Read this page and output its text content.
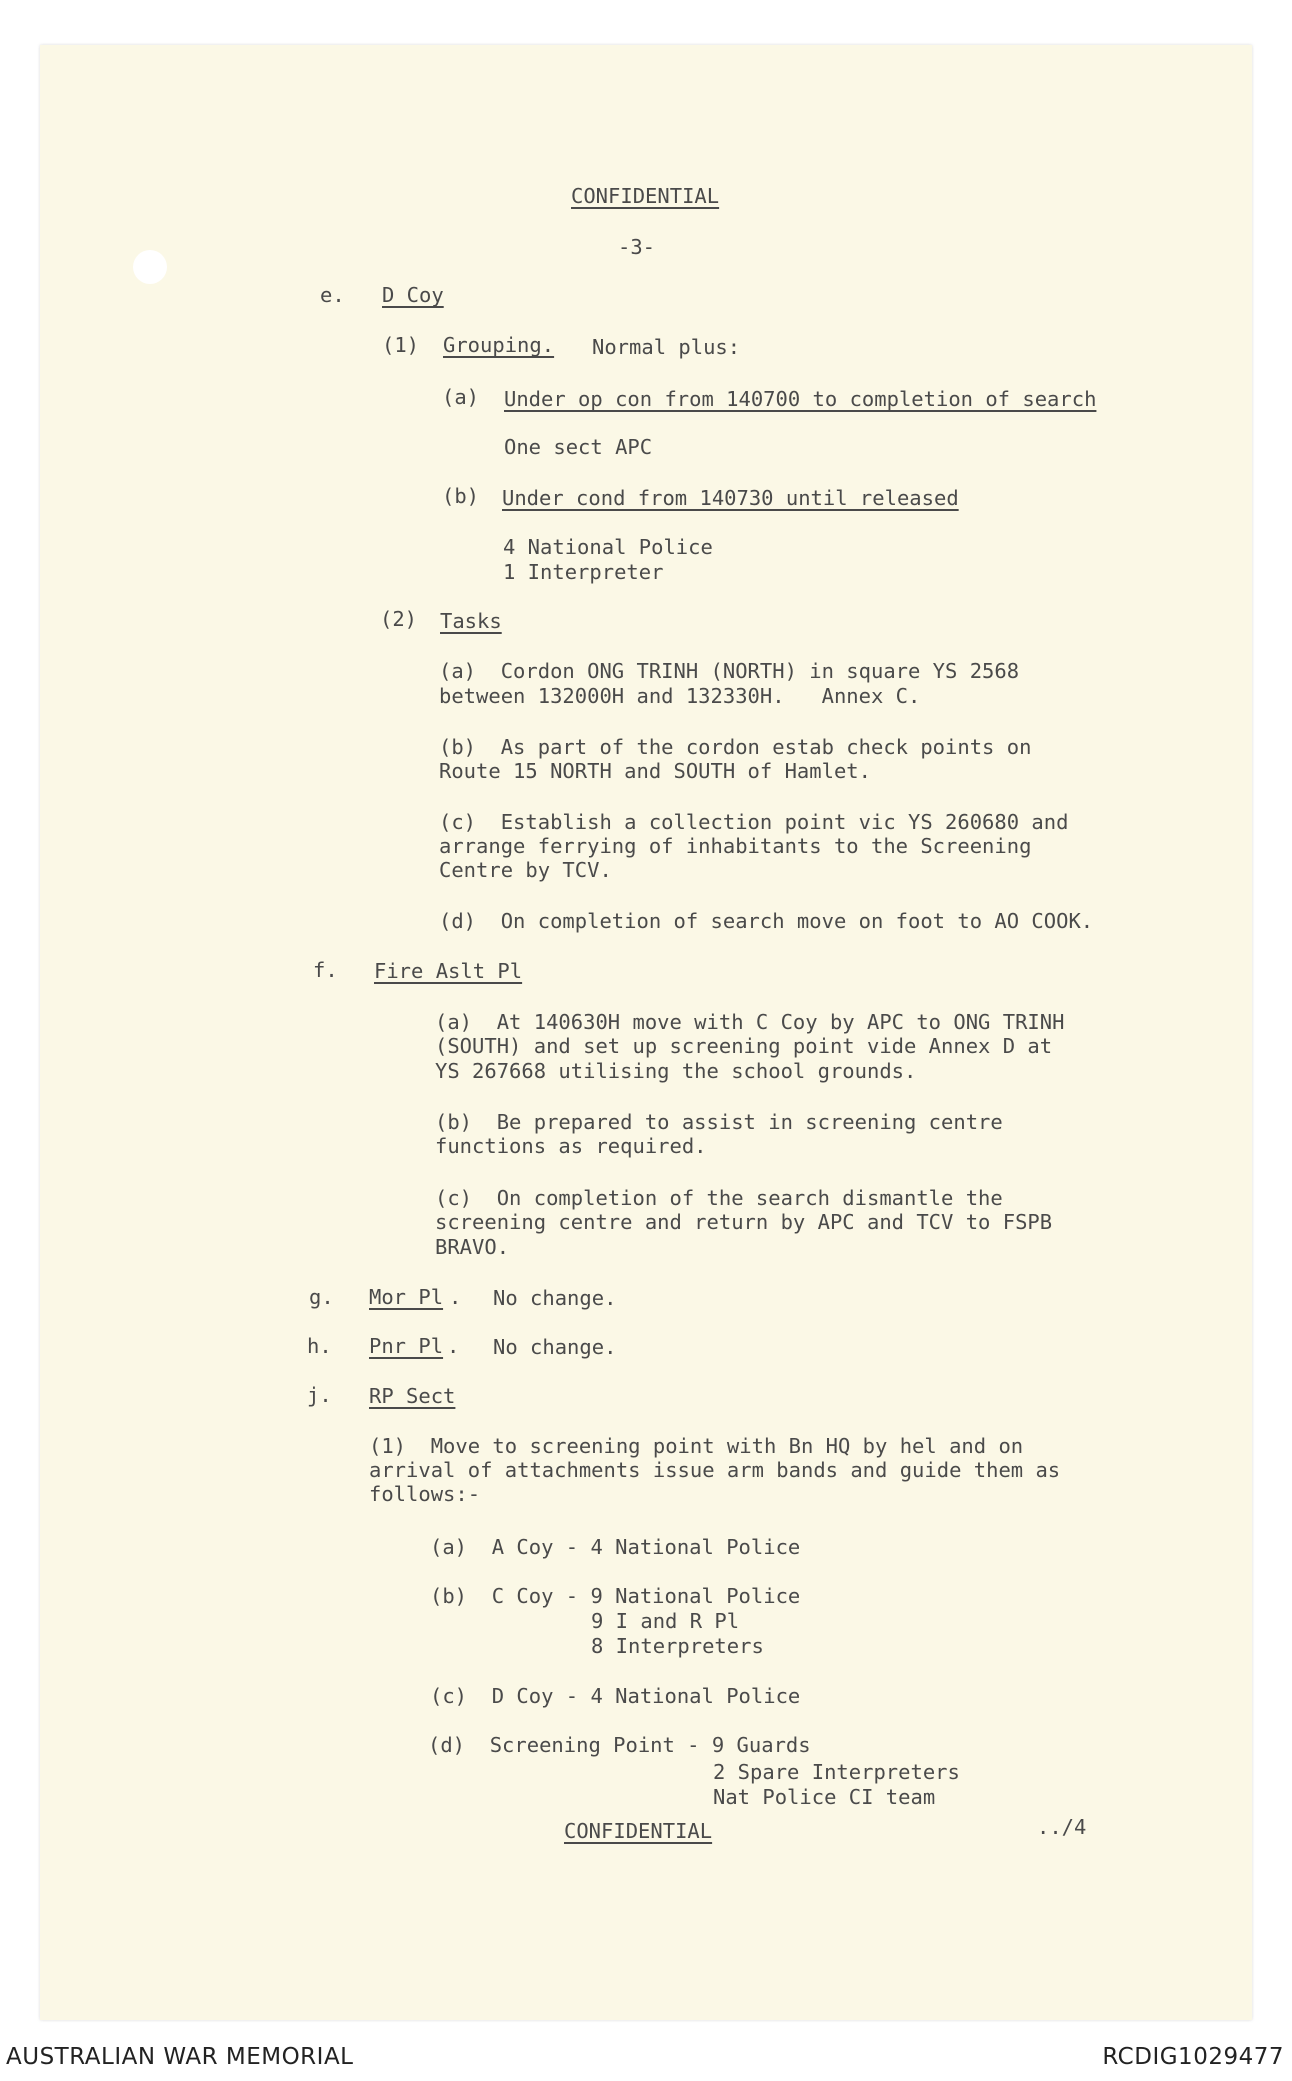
CONFIDENTIAL
-3-
e. D Coy
(1) Grouping. Normal plus:
(a) Under op con from 140700 to completion of search
One sect APC
(b) Under cond from 140730 until released
4 National Police
1 Interpreter
(2) Tasks
(a)  Cordon ONG TRINH (NORTH) in square YS 2568
between 132000H and 132330H.   Annex C.
(b)  As part of the cordon estab check points on
Route 15 NORTH and SOUTH of Hamlet.
(c)  Establish a collection point vic YS 260680 and
arrange ferrying of inhabitants to the Screening
Centre by TCV.
(d)  On completion of search move on foot to AO COOK.
f. Fire Aslt Pl
(a)  At 140630H move with C Coy by APC to ONG TRINH
(SOUTH) and set up screening point vide Annex D at
YS 267668 utilising the school grounds.
(b)  Be prepared to assist in screening centre
functions as required.
(c)  On completion of the search dismantle the
screening centre and return by APC and TCV to FSPB
BRAVO.
g. Mor Pl . No change.
h. Pnr Pl . No change.
j. RP Sect
(1)  Move to screening point with Bn HQ by hel and on
arrival of attachments issue arm bands and guide them as
follows:-
(a)  A Coy - 4 National Police
(b)  C Coy - 9 National Police
9 I and R Pl
8 Interpreters
(c)  D Coy - 4 National Police
(d)  Screening Point - 9 Guards
2 Spare Interpreters
Nat Police CI team
CONFIDENTIAL	../4
AUSTRALIAN WAR MEMORIAL	RCDIG1029477
